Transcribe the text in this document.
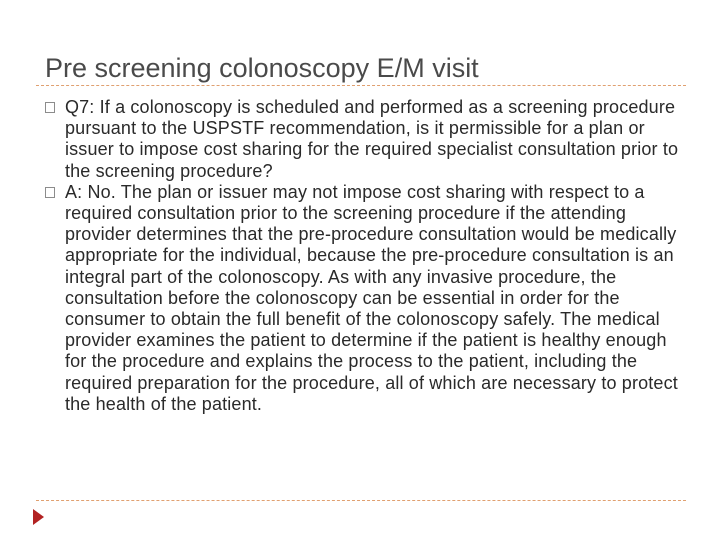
Pre screening colonoscopy E/M visit
Q7: If a colonoscopy is scheduled and performed as a screening procedure pursuant to the USPSTF recommendation, is it permissible for a plan or issuer to impose cost sharing for the required specialist consultation prior to the screening procedure?
A: No. The plan or issuer may not impose cost sharing with respect to a required consultation prior to the screening procedure if the attending provider determines that the pre-procedure consultation would be medically appropriate for the individual, because the pre-procedure consultation is an integral part of the colonoscopy. As with any invasive procedure, the consultation before the colonoscopy can be essential in order for the consumer to obtain the full benefit of the colonoscopy safely. The medical provider examines the patient to determine if the patient is healthy enough for the procedure and explains the process to the patient, including the required preparation for the procedure, all of which are necessary to protect the health of the patient.
